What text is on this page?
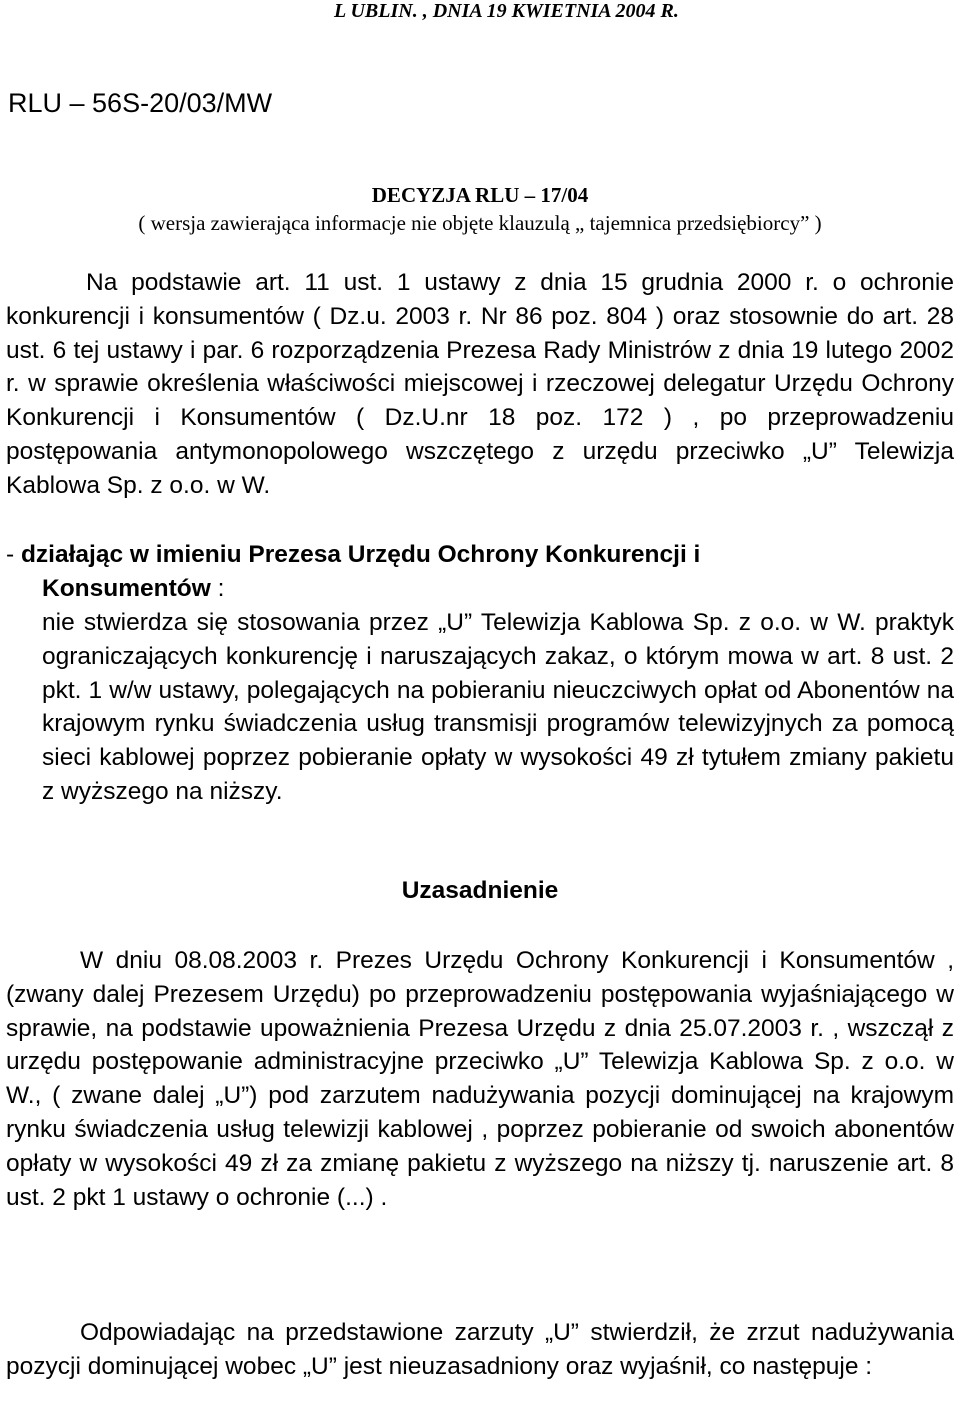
L UBLIN. , DNIA 19 KWIETNIA 2004 R.
RLU – 56S-20/03/MW
DECYZJA RLU – 17/04
( wersja zawierająca informacje nie objęte klauzulą „ tajemnica przedsiębiorcy” )

Na podstawie art. 11 ust. 1 ustawy z dnia 15 grudnia 2000 r. o ochronie konkurencji i konsumentów ( Dz.u. 2003 r. Nr 86 poz. 804 ) oraz stosownie do art. 28 ust. 6 tej ustawy i par. 6 rozporządzenia Prezesa Rady Ministrów z dnia 19 lutego 2002 r. w sprawie określenia właściwości miejscowej i rzeczowej delegatur Urzędu Ochrony Konkurencji i Konsumentów ( Dz.U.nr 18 poz. 172 ) , po przeprowadzeniu postępowania antymonopolowego wszczętego z urzędu przeciwko „U” Telewizja Kablowa Sp. z o.o. w W.

- działając w imieniu Prezesa Urzędu Ochrony Konkurencji i
Konsumentów :

nie stwierdza się stosowania przez „U” Telewizja Kablowa Sp. z o.o. w W. praktyk ograniczających konkurencję i naruszających zakaz, o którym mowa w art. 8 ust. 2 pkt. 1 w/w ustawy, polegających na pobieraniu nieuczciwych opłat od Abonentów na krajowym rynku świadczenia usług transmisji programów telewizyjnych za pomocą sieci kablowej poprzez pobieranie opłaty w wysokości 49 zł tytułem zmiany pakietu z wyższego na niższy.

Uzasadnienie

W dniu 08.08.2003 r. Prezes Urzędu Ochrony Konkurencji i Konsumentów , (zwany dalej Prezesem Urzędu) po przeprowadzeniu postępowania wyjaśniającego w sprawie, na podstawie upoważnienia Prezesa Urzędu z dnia 25.07.2003 r. , wszczął z urzędu postępowanie administracyjne przeciwko „U” Telewizja Kablowa Sp. z o.o. w W., ( zwane dalej „U”) pod zarzutem nadużywania pozycji dominującej na krajowym rynku świadczenia usług telewizji kablowej , poprzez pobieranie od swoich abonentów opłaty w wysokości 49 zł za zmianę pakietu z wyższego na niższy tj. naruszenie art. 8 ust. 2 pkt 1 ustawy o ochronie (...) .

Odpowiadając na przedstawione zarzuty „U” stwierdził, że zrzut nadużywania pozycji dominującej wobec „U” jest nieuzasadniony oraz wyjaśnił, co następuje :
